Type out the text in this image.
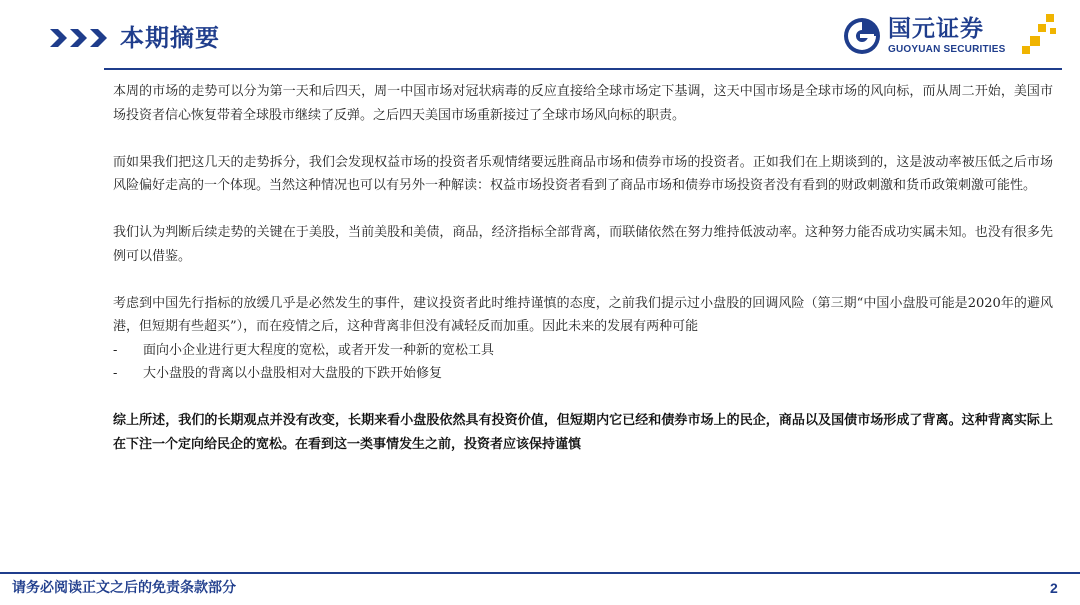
本期摘要	国元证券
GUOYUAN SECURITIES

本周的市场的走势可以分为第一天和后四天，周一中国市场对冠状病毒的反应直接给全球市场定下基调，这天中国市场是全球市场的风向标，而从周二开始，美国市场投资者信心恢复带着全球股市继续了反弹。之后四天美国市场重新接过了全球市场风向标的职责。

而如果我们把这几天的走势拆分，我们会发现权益市场的投资者乐观情绪要远胜商品市场和债券市场的投资者。正如我们在上期谈到的，这是波动率被压低之后市场风险偏好走高的一个体现。当然这种情况也可以有另外一种解读：权益市场投资者看到了商品市场和债券市场投资者没有看到的财政刺激和货币政策刺激可能性。

我们认为判断后续走势的关键在于美股，当前美股和美债，商品，经济指标全部背离，而联储依然在努力维持低波动率。这种努力能否成功实属未知。也没有很多先例可以借鉴。

考虑到中国先行指标的放缓几乎是必然发生的事件，建议投资者此时维持谨慎的态度，之前我们提示过小盘股的回调风险（第三期“中国小盘股可能是2020年的避风港，但短期有些超买”），而在疫情之后，这种背离非但没有减轻反而加重。因此未来的发展有两种可能

-	面向小企业进行更大程度的宽松，或者开发一种新的宽松工具
-	大小盘股的背离以小盘股相对大盘股的下跌开始修复

综上所述，我们的长期观点并没有改变，长期来看小盘股依然具有投资价值，但短期内它已经和债券市场上的民企，商品以及国债市场形成了背离。这种背离实际上在下注一个定向给民企的宽松。在看到这一类事情发生之前，投资者应该保持谨慎

请务必阅读正文之后的免责条款部分	2
